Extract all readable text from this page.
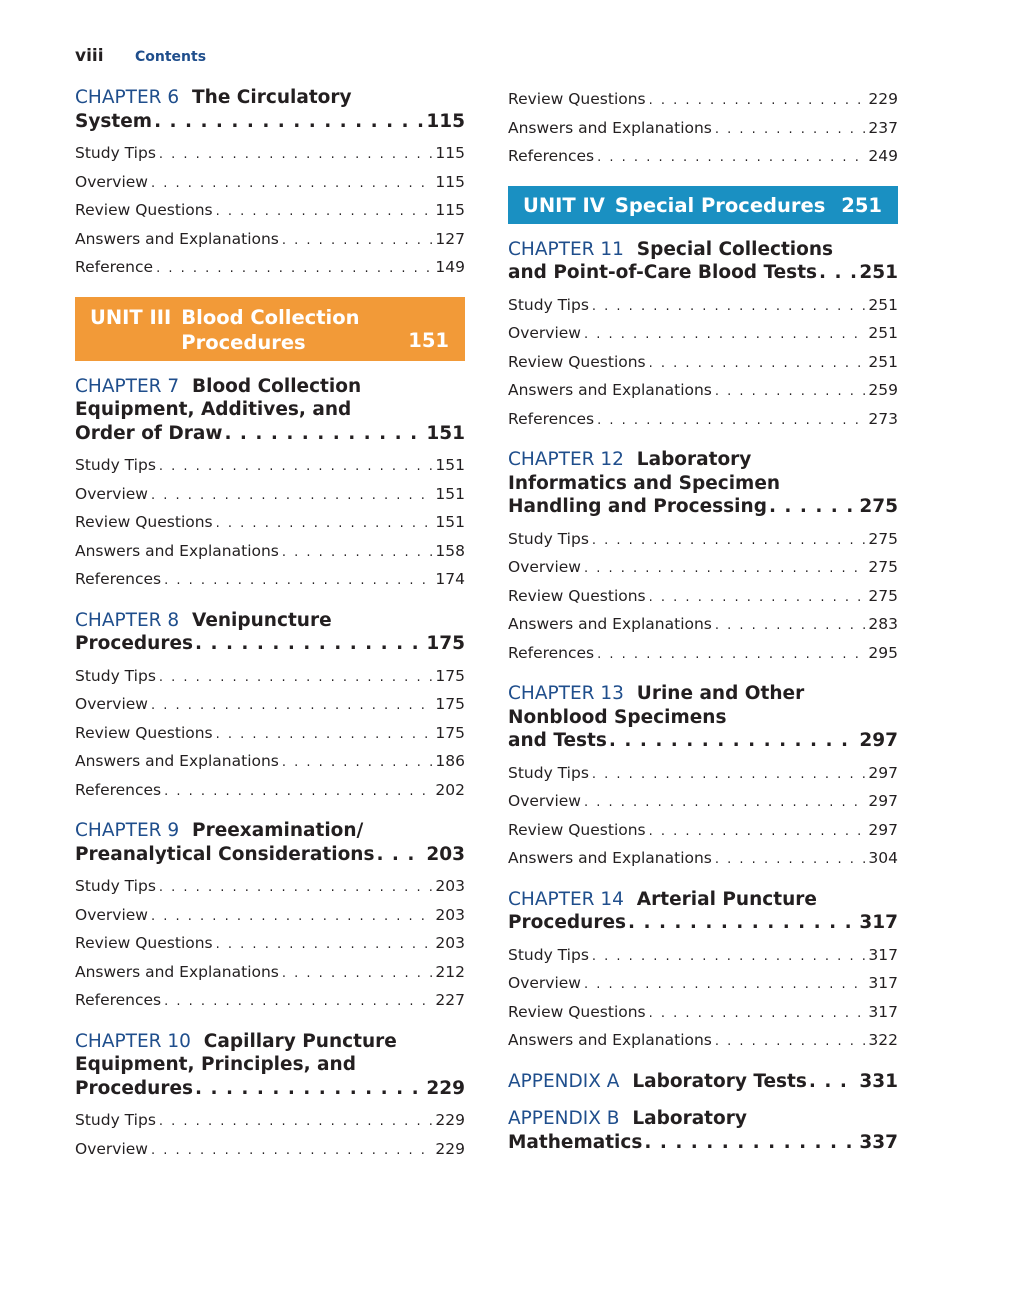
viii	Contents
CHAPTER 6 The Circulatory
System . . .	115
Study Tips . . .	115
Overview . . .	115
Review Questions . . .	115
Answers and Explanations . . .	127
Reference . . .	149
UNIT III Blood Collection
Procedures	151
CHAPTER 7 Blood Collection
Equipment, Additives, and
Order of Draw . . .	151
Study Tips . . .	151
Overview . . .	151
Review Questions . . .	151
Answers and Explanations . . .	158
References . . .	174
CHAPTER 8 Venipuncture
Procedures . . .	175
Study Tips . . .	175
Overview . . .	175
Review Questions . . .	175
Answers and Explanations . . .	186
References . . .	202
CHAPTER 9 Preexamination/
Preanalytical Considerations . . .	203
Study Tips . . .	203
Overview . . .	203
Review Questions . . .	203
Answers and Explanations . . .	212
References . . .	227
CHAPTER 10 Capillary Puncture
Equipment, Principles, and
Procedures . . .	229
Study Tips . . .	229
Overview . . .	229
Review Questions . . .	229
Answers and Explanations . . .	237
References . . .	249
UNIT IV Special Procedures 251
CHAPTER 11 Special Collections
and Point-of-Care Blood Tests . . . 251
Study Tips . . .	251
Overview . . .	251
Review Questions . . .	251
Answers and Explanations . . .	259
References . . .	273
CHAPTER 12 Laboratory
Informatics and Specimen
Handling and Processing . . .	275
Study Tips . . .	275
Overview . . .	275
Review Questions . . .	275
Answers and Explanations . . .	283
References . . .	295
CHAPTER 13 Urine and Other
Nonblood Specimens
and Tests . . .	297
Study Tips . . .	297
Overview . . .	297
Review Questions . . .	297
Answers and Explanations . . .	304
CHAPTER 14 Arterial Puncture
Procedures . . .	317
Study Tips . . .	317
Overview . . .	317
Review Questions . . .	317
Answers and Explanations . . .	322
APPENDIX A
Laboratory Tests . . .	331
APPENDIX B Laboratory
Mathematics . . .	337
